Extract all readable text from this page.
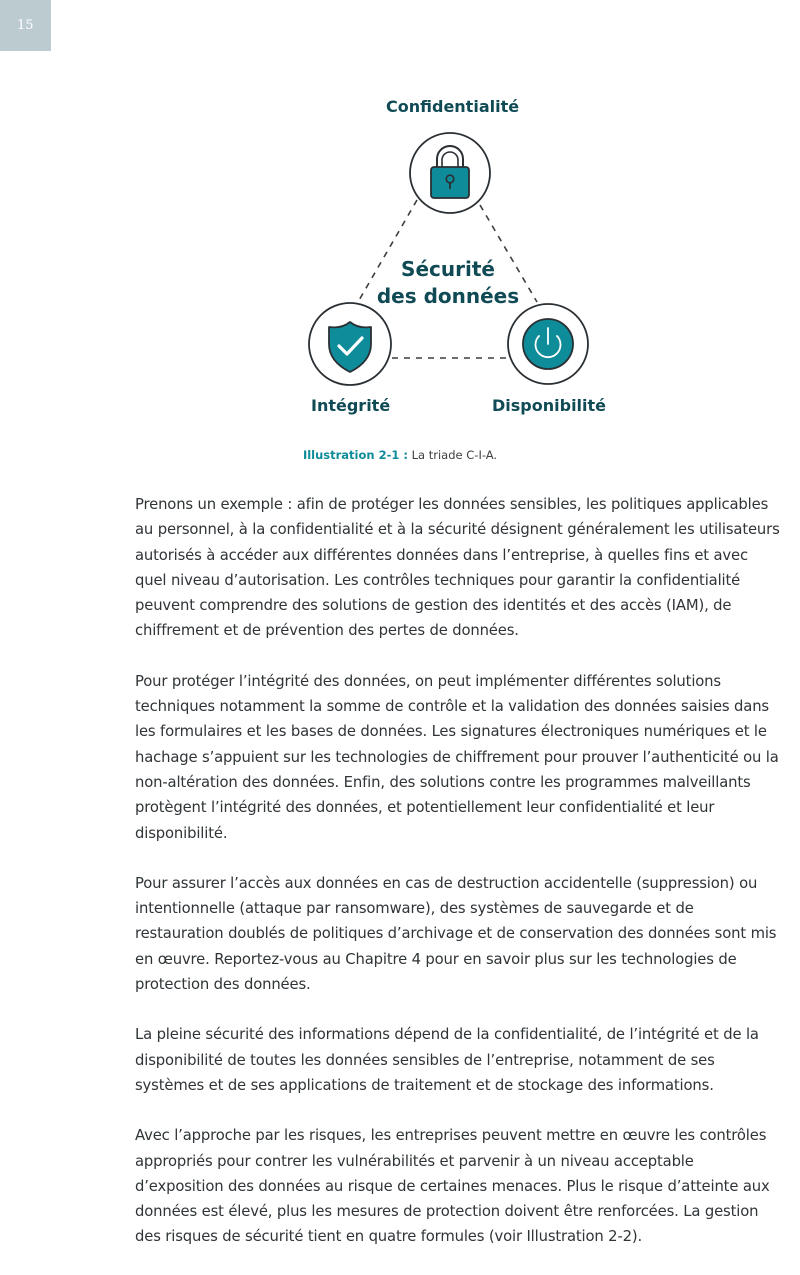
15
Confidentialité
Sécurité
des données
Intégrité	Disponibilité
Illustration 2-1 : La triade C-I-A.

Prenons un exemple : afin de protéger les données sensibles, les politiques applicables au personnel, à la confidentialité et à la sécurité désignent généralement les utilisateurs autorisés à accéder aux différentes données dans l’entreprise, à quelles fins et avec quel niveau d’autorisation. Les contrôles techniques pour garantir la confidentialité peuvent comprendre des solutions de gestion des identités et des accès (IAM), de chiffrement et de prévention des pertes de données.

Pour protéger l’intégrité des données, on peut implémenter différentes solutions techniques notamment la somme de contrôle et la validation des données saisies dans les formulaires et les bases de données. Les signatures électroniques numériques et le hachage s’appuient sur les technologies de chiffrement pour prouver l’authenticité ou la non-altération des données. Enfin, des solutions contre les programmes malveillants protègent l’intégrité des données, et potentiellement leur confidentialité et leur disponibilité.

Pour assurer l’accès aux données en cas de destruction accidentelle (suppression) ou intentionnelle (attaque par ransomware), des systèmes de sauvegarde et de restauration doublés de politiques d’archivage et de conservation des données sont mis en œuvre. Reportez-vous au Chapitre 4 pour en savoir plus sur les technologies de protection des données.

La pleine sécurité des informations dépend de la confidentialité, de l’intégrité et de la disponibilité de toutes les données sensibles de l’entreprise, notamment de ses systèmes et de ses applications de traitement et de stockage des informations.

Avec l’approche par les risques, les entreprises peuvent mettre en œuvre les contrôles appropriés pour contrer les vulnérabilités et parvenir à un niveau acceptable d’exposition des données au risque de certaines menaces. Plus le risque d’atteinte aux données est élevé, plus les mesures de protection doivent être renforcées. La gestion des risques de sécurité tient en quatre formules (voir Illustration 2-2).
